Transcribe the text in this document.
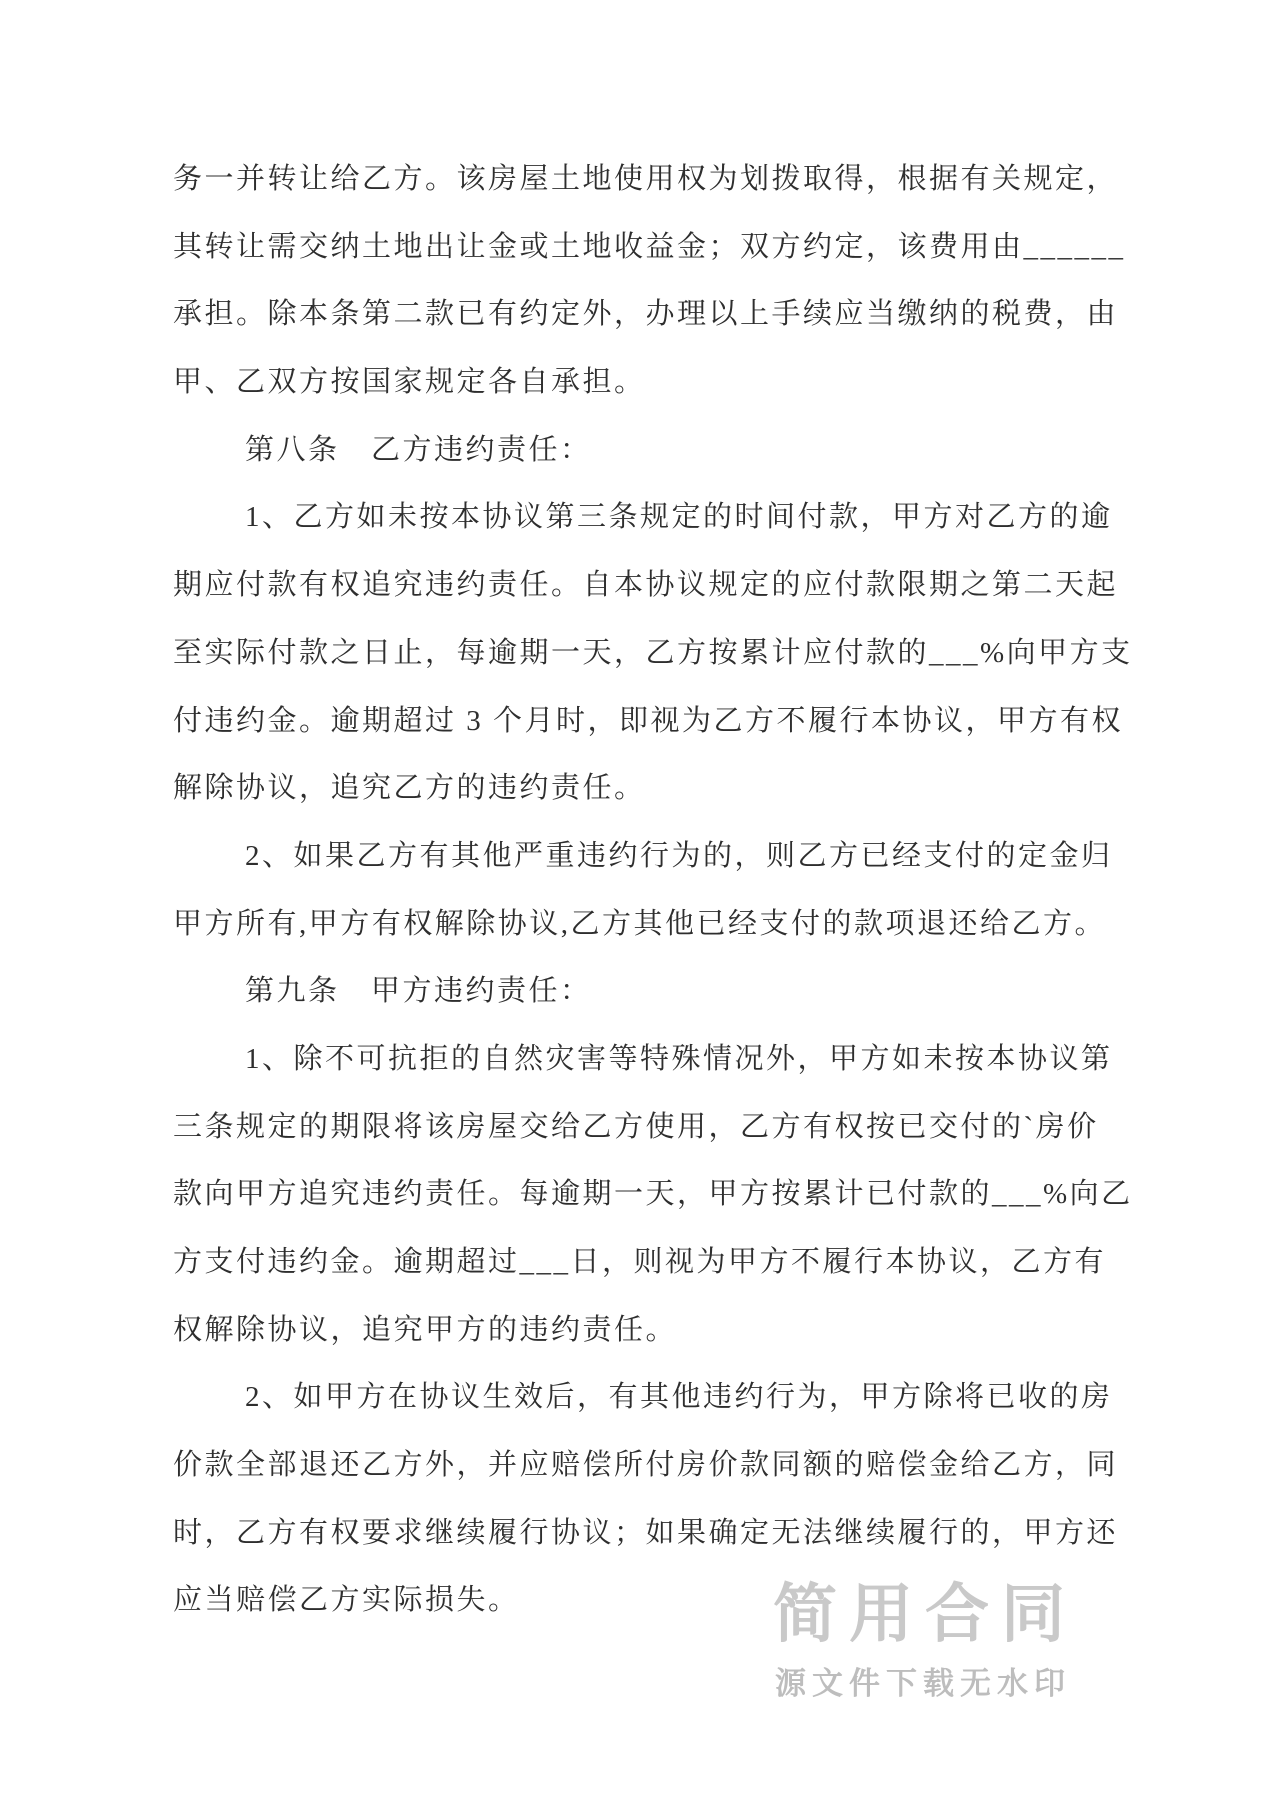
务一并转让给乙方。该房屋土地使用权为划拨取得，根据有关规定，
其转让需交纳土地出让金或土地收益金；双方约定，该费用由______
承担。除本条第二款已有约定外，办理以上手续应当缴纳的税费，由
甲、乙双方按国家规定各自承担。
第八条　乙方违约责任：
1、乙方如未按本协议第三条规定的时间付款，甲方对乙方的逾
期应付款有权追究违约责任。自本协议规定的应付款限期之第二天起
至实际付款之日止，每逾期一天，乙方按累计应付款的___%向甲方支
付违约金。逾期超过 3 个月时，即视为乙方不履行本协议，甲方有权
解除协议，追究乙方的违约责任。
2、如果乙方有其他严重违约行为的，则乙方已经支付的定金归
甲方所有,甲方有权解除协议,乙方其他已经支付的款项退还给乙方。
第九条　甲方违约责任：
1、除不可抗拒的自然灾害等特殊情况外，甲方如未按本协议第
三条规定的期限将该房屋交给乙方使用，乙方有权按已交付的`房价
款向甲方追究违约责任。每逾期一天，甲方按累计已付款的___%向乙
方支付违约金。逾期超过___日，则视为甲方不履行本协议，乙方有
权解除协议，追究甲方的违约责任。
2、如甲方在协议生效后，有其他违约行为，甲方除将已收的房
价款全部退还乙方外，并应赔偿所付房价款同额的赔偿金给乙方，同
时，乙方有权要求继续履行协议；如果确定无法继续履行的，甲方还
应当赔偿乙方实际损失。	简用合同
源文件下载无水印
